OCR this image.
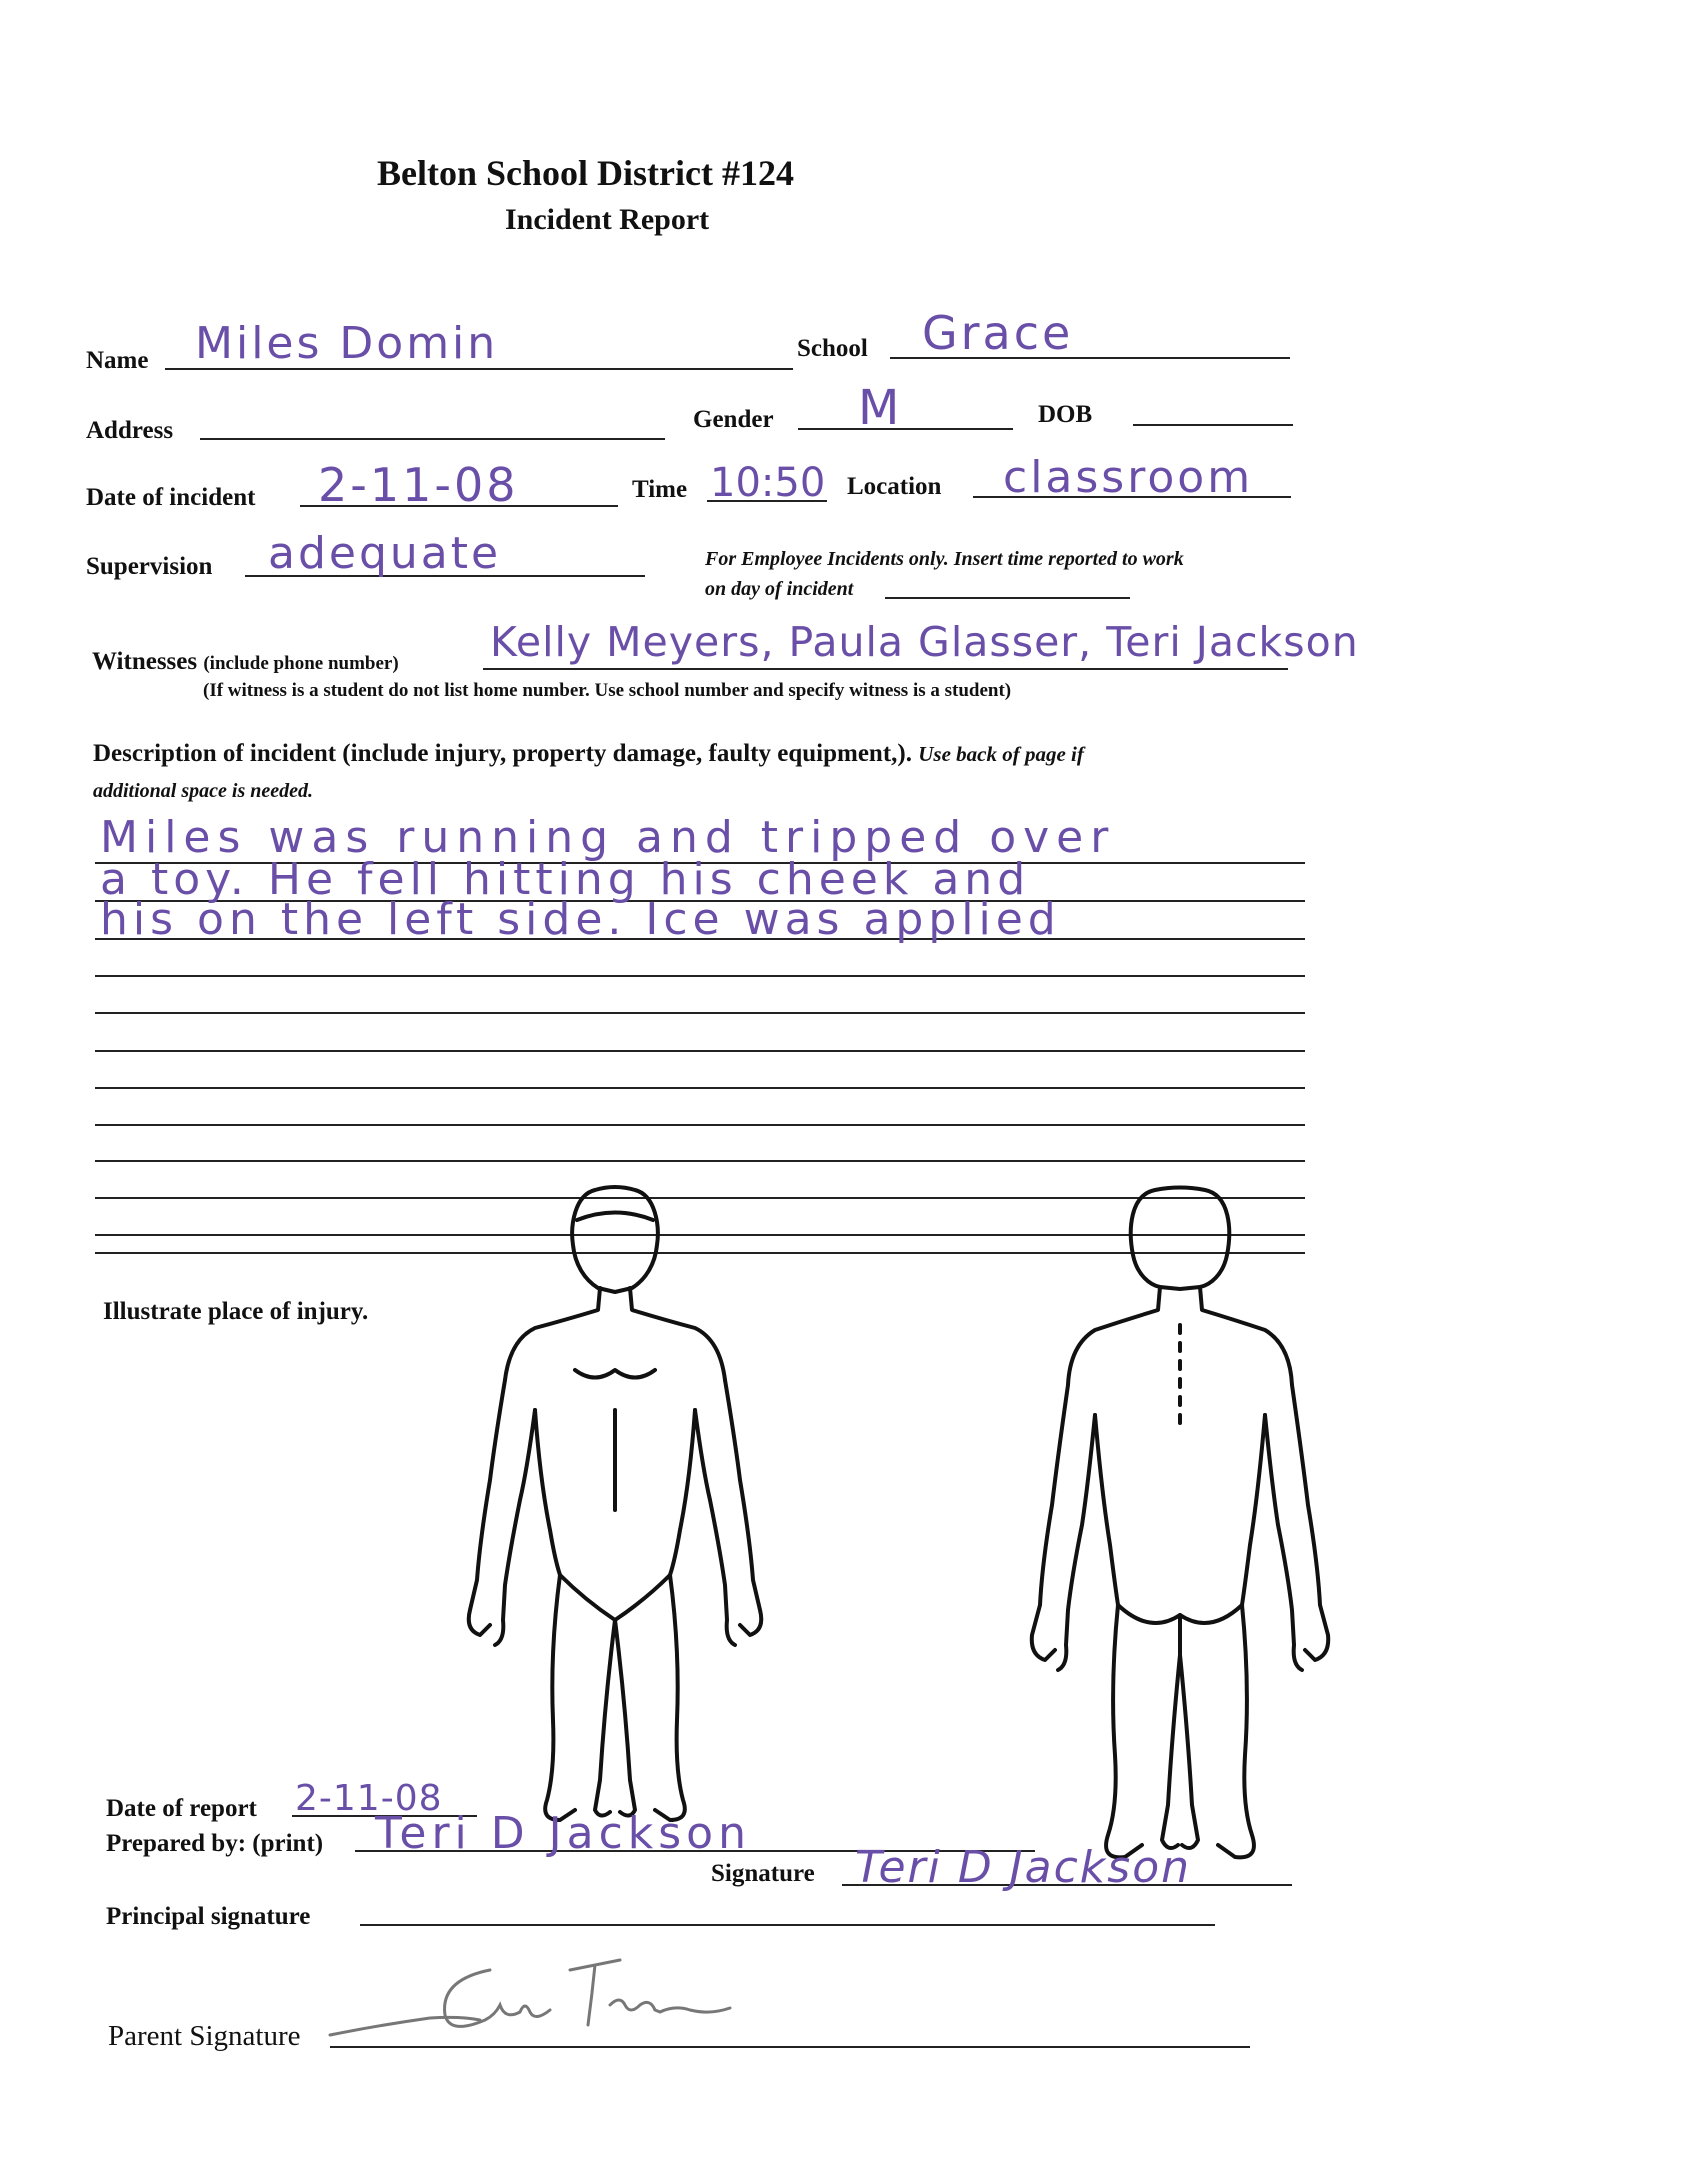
Belton School District #124
Incident Report
Name Miles Domin	School Grace
Address	Gender M	DOB
Date of incident 2-11-08	Time 10:50 Location classroom
Supervision adequate	For Employee Incidents only. Insert time reported to work
on day of incident
Witnesses (include phone number) Kelly Meyers, Paula Glasser, Teri Jackson
(If witness is a student do not list home number. Use school number and specify witness is a student)
Description of incident (include injury, property damage, faulty equipment,). Use back of page if
additional space is needed.
Miles was running and tripped over
a toy. He fell hitting his cheek and
his on the left side. Ice was applied
Illustrate place of injury.
Date of report 2-11-08
Prepared by: (print) Teri D Jackson
Signature Teri D Jackson
Principal signature
Parent Signature
